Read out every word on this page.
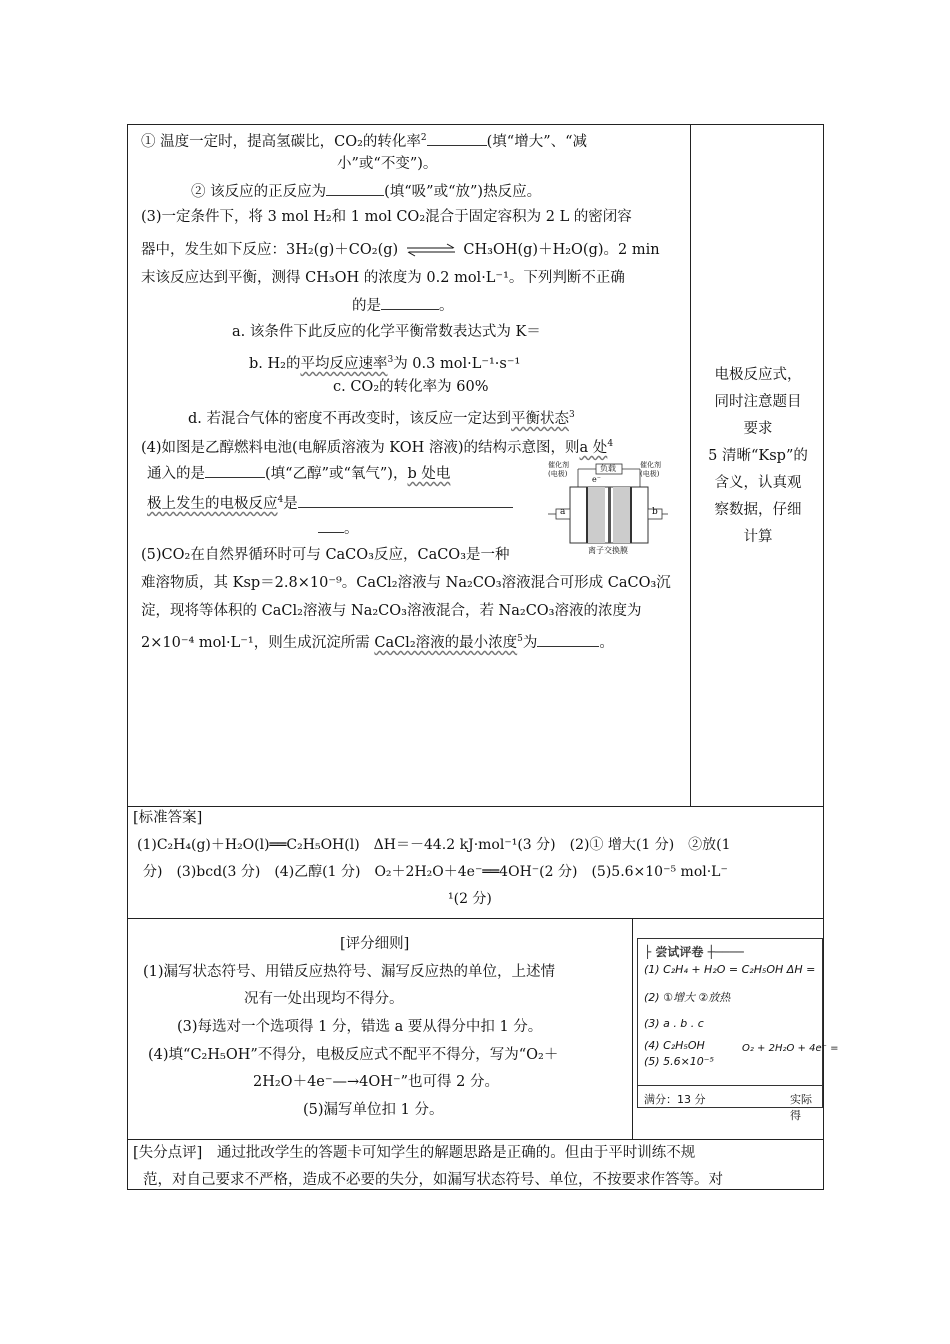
① 温度一定时，提高氢碳比，CO₂的转化率$^2$	(填“增大”、“减
小”或“不变”)。
② 该反应的正反应为	(填“吸”或“放”)热反应。
(3)一定条件下，将 3 mol H₂和 1 mol CO₂混合于固定容积为 2 L 的密闭容
器中，发生如下反应：3H₂(g)＋CO₂(g) ⇌ CH₃OH(g)＋H₂O(g)。2 min
末该反应达到平衡，测得 CH₃OH 的浓度为 0.2 mol·L⁻¹。下列判断不正确
的是	。
a. 该条件下此反应的化学平衡常数表达式为 K＝
b. H₂的平均反应速率$^3$为 0.3 mol·L⁻¹·s⁻¹
c. CO₂的转化率为 60%
d. 若混合气体的密度不再改变时，该反应一定达到平衡状态$^3$
(4)如图是乙醇燃料电池(电解质溶液为 KOH 溶液)的结构示意图，则a 处$^4$
通入的是	(填“乙醇”或“氧气”)，b 处电
极上发生的电极反应$^4$是
。
负载
催化剂 (电极)
催化剂 (电极)
e⁻
a	b
离子交换膜
(5)CO₂在自然界循环时可与 CaCO₃反应，CaCO₃是一种
难溶物质，其 Ksp＝2.8×10⁻⁹。CaCl₂溶液与 Na₂CO₃溶液混合可形成 CaCO₃沉
淀，现将等体积的 CaCl₂溶液与 Na₂CO₃溶液混合，若 Na₂CO₃溶液的浓度为
2×10⁻⁴ mol·L⁻¹，则生成沉淀所需 CaCl₂溶液的最小浓度$^5$为	。
电极反应式，
同时注意题目
要求
5 清晰“Ksp”的
含义，认真观
察数据，仔细
计算
[标准答案]
(1)C₂H₄(g)＋H₂O(l)══C₂H₅OH(l)　ΔH＝－44.2 kJ·mol⁻¹(3 分)　(2)① 增大(1 分)　②放(1
分)　(3)bcd(3 分)　(4)乙醇(1 分)　O₂＋2H₂O＋4e⁻══4OH⁻(2 分)　(5)5.6×10⁻⁵ mol·L⁻
¹(2 分)
[评分细则]
(1)漏写状态符号、用错反应热符号、漏写反应热的单位，上述情
况有一处出现均不得分。
(3)每选对一个选项得 1 分，错选 a 要从得分中扣 1 分。
(4)填“C₂H₅OH”不得分，电极反应式不配平不得分，写为“O₂＋
2H₂O＋4e⁻—→4OH⁻”也可得 2 分。
(5)漏写单位扣 1 分。
├ 尝试评卷 ┼────
(1) C₂H₄ + H₂O = C₂H₅OH ΔH =
(2) ①增大 ②放热
(3) a . b . c
(4) C₂H₅OH
(5) 5.6×10⁻⁵
O₂ + 2H₂O + 4e⁻ =
满分：13 分	实际得
[失分点评]　通过批改学生的答题卡可知学生的解题思路是正确的。但由于平时训练不规
范，对自己要求不严格，造成不必要的失分，如漏写状态符号、单位，不按要求作答等。对
